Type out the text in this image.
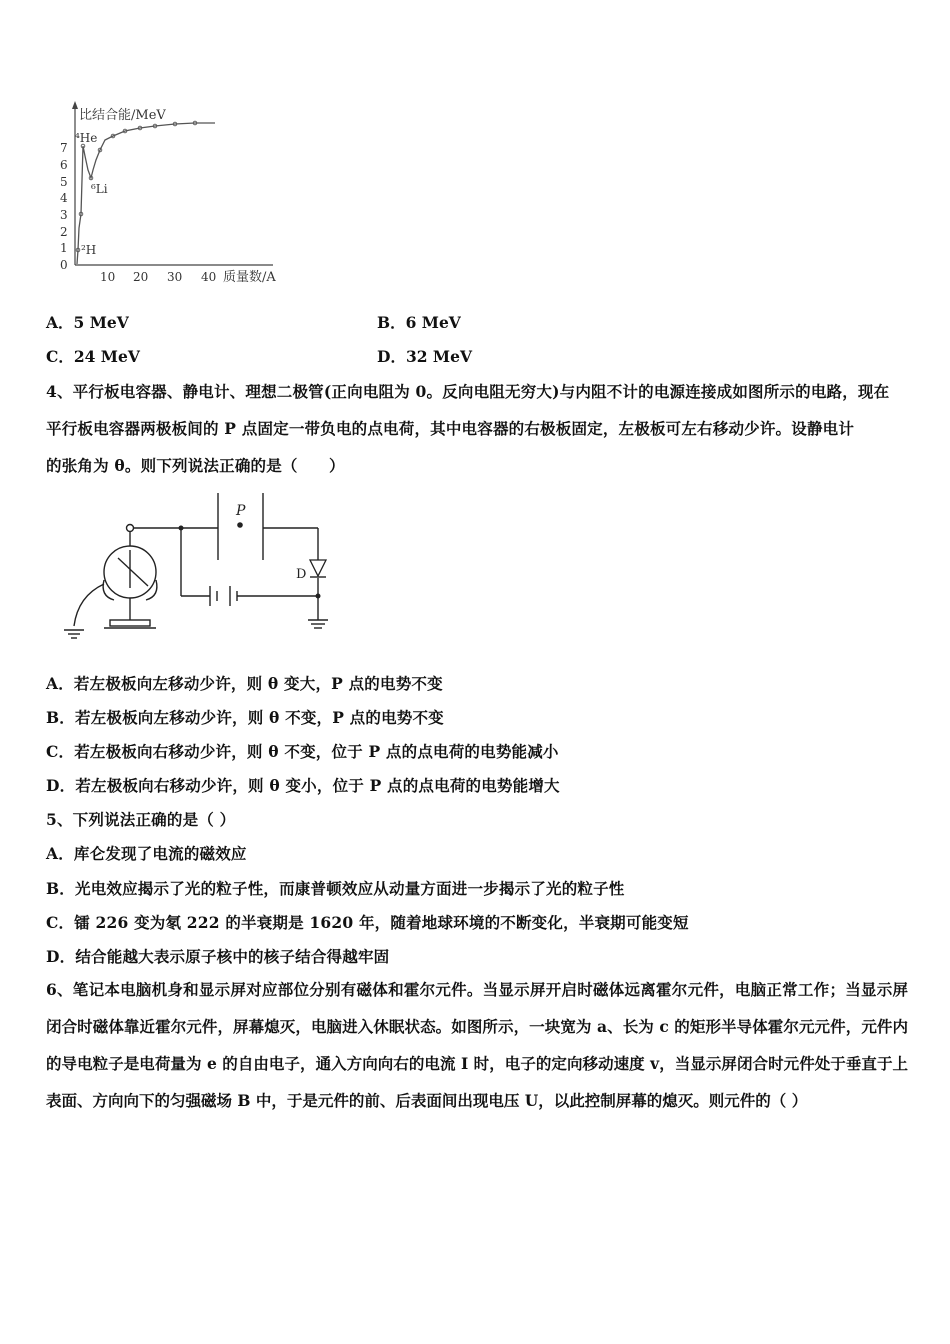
比结合能/MeV
质量数/A
0
1
2
3
4
5
6
7
10 20 30 40
⁴He
⁶Li
²H
A．5 MeV	B．6 MeV
C．24 MeV	D．32 MeV
4、平行板电容器、静电计、理想二极管(正向电阻为 0。反向电阻无穷大)与内阻不计的电源连接成如图所示的电路，现在
平行板电容器两极板间的 P 点固定一带负电的点电荷，其中电容器的右极板固定，左极板可左右移动少许。设静电计
的张角为 θ。则下列说法正确的是（　　）
P
D
A．若左极板向左移动少许，则 θ 变大，P 点的电势不变
B．若左极板向左移动少许，则 θ 不变，P 点的电势不变
C．若左极板向右移动少许，则 θ 不变，位于 P 点的点电荷的电势能减小
D．若左极板向右移动少许，则 θ 变小，位于 P 点的点电荷的电势能增大
5、下列说法正确的是（ ）
A．库仑发现了电流的磁效应
B．光电效应揭示了光的粒子性，而康普顿效应从动量方面进一步揭示了光的粒子性
C．镭 226 变为氡 222 的半衰期是 1620 年，随着地球环境的不断变化，半衰期可能变短
D．结合能越大表示原子核中的核子结合得越牢固
6、笔记本电脑机身和显示屏对应部位分别有磁体和霍尔元件。当显示屏开启时磁体远离霍尔元件，电脑正常工作；当显示屏闭合时磁体靠近霍尔元件，屏幕熄灭，电脑进入休眠状态。如图所示，一块宽为 a、长为 c 的矩形半导体霍尔元元件，元件内的导电粒子是电荷量为 e 的自由电子，通入方向向右的电流 I 时，电子的定向移动速度 v，当显示屏闭合时元件处于垂直于上表面、方向向下的匀强磁场 B 中，于是元件的前、后表面间出现电压 U，以此控制屏幕的熄灭。则元件的（ ）
